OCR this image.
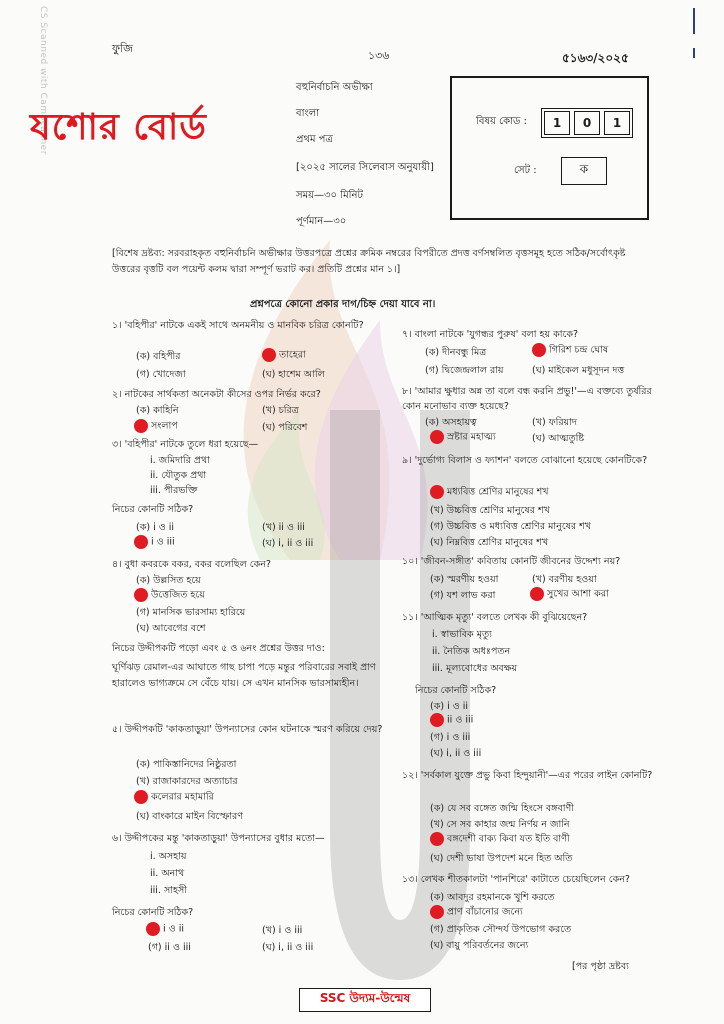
CS Scanned with CamScanner	ফুজি
১৩৬	৫১৬৩/২০২৫
যশোর বোর্ড
বহুনির্বাচনি অভীক্ষা
বাংলা
প্রথম পত্র
[২০২৫ সালের সিলেবাস অনুযায়ী]
সময়—৩০ মিনিট
পূর্ণমান—৩০
বিষয় কোড :	1	0	1
সেট :	ক
[বিশেষ দ্রষ্টব্য: সরবরাহকৃত বহুনির্বাচনি অভীক্ষার উত্তরপত্রে প্রশ্নের ক্রমিক নম্বরের বিপরীতে প্রদত্ত বর্ণসম্বলিত বৃত্তসমূহ হতে সঠিক/সর্বোৎকৃষ্ট উত্তরের বৃত্তটি বল পয়েন্ট কলম দ্বারা সম্পূর্ণ ভরাট কর। প্রতিটি প্রশ্নের মান ১।]
প্রশ্নপত্রে কোনো প্রকার দাগ/চিহ্ন দেয়া যাবে না।
১। 'বহিপীর' নাটকে একই সাথে অনমনীয় ও মানবিক চরিত্র কোনটি?
(ক) বহিপীর	তাহেরা
(গ) খোদেজা	(ঘ) হাশেম আলি
২। নাটকের সার্থকতা অনেকটা কীসের ওপর নির্ভর করে?
(ক) কাহিনি	(খ) চরিত্র
সংলাপ	(ঘ) পরিবেশ
৩। 'বহিপীর' নাটকে তুলে ধরা হয়েছে—
i. জমিদারি প্রথা
ii. যৌতুক প্রথা
iii. পীরভক্তি
নিচের কোনটি সঠিক?
(ক) i ও ii	(খ) ii ও iii
i ও iii	(ঘ) i, ii ও iii
৪। বুধা কবরকে বকর, বকর বলেছিল কেন?
(ক) উল্লসিত হয়ে
উত্তেজিত হয়ে
(গ) মানসিক ভারসাম্য হারিয়ে
(ঘ) আবেগের বশে
নিচের উদ্দীপকটি পড়ো এবং ৫ ও ৬নং প্রশ্নের উত্তর দাও:
ঘূর্ণিঝড় রেমাল-এর আঘাতে গাছ চাপা পড়ে মন্তুর পরিবারের সবাই প্রাণ হারালেও ভাগ্যক্রমে সে বেঁচে যায়। সে এখন মানসিক ভারসাম্যহীন।
৫। উদ্দীপকটি 'কাকতাড়ুয়া' উপন্যাসের কোন ঘটনাকে স্মরণ করিয়ে দেয়?
(ক) পাকিস্তানিদের নিষ্ঠুরতা
(খ) রাজাকারদের অত্যাচার
কলেরার মহামারি
(ঘ) বাংকারে মাইন বিস্ফোরণ
৬। উদ্দীপকের মন্তু 'কাকতাড়ুয়া' উপন্যাসের বুধার মতো—
i. অসহায়
ii. অনাথ
iii. সাহসী
নিচের কোনটি সঠিক?
i ও ii	(খ) i ও iii
(গ) ii ও iii	(ঘ) i, ii ও iii
৭। বাংলা নাটকে 'যুগন্ধর পুরুষ' বলা হয় কাকে?
(ক) দীনবন্ধু মিত্র	গিরিশ চন্দ্র ঘোষ
(গ) দ্বিজেন্দ্রলাল রায়	(ঘ) মাইকেল মধুসূদন দত্ত
৮। 'আমার ক্ষুধার অন্ন তা বলে বন্ধ করনি প্রভু!'—এ বক্তব্যে তুর্ষরির কোন মনোভাব ব্যক্ত হয়েছে?
(ক) অসহায়ত্ব	(খ) ফরিয়াদ
স্রষ্টার মহাত্ম্য	(ঘ) আত্মতুষ্টি
৯। 'দুর্ভোগ্য বিলাস ও ফ্যাশন' বলতে বোঝানো হয়েছে কোনটিকে?
মধ্যবিত্ত শ্রেণির মানুষের শখ
(খ) উচ্চবিত্ত শ্রেণির মানুষের শখ
(গ) উচ্চবিত্ত ও মধ্যবিত্ত শ্রেণির মানুষের শখ
(ঘ) নিম্নবিত্ত শ্রেণির মানুষের শখ
১০। 'জীবন-সঙ্গীত' কবিতায় কোনটি জীবনের উদ্দেশ্য নয়?
(ক) স্মরণীয় হওয়া	(খ) বরণীয় হওয়া
(গ) যশ লাভ করা	সুখের আশা করা
১১। 'আত্মিক মৃত্যু' বলতে লেখক কী বুঝিয়েছেন?
i. স্বাভাবিক মৃত্যু
ii. নৈতিক অধঃপতন
iii. মূল্যবোধের অবক্ষয়
নিচের কোনটি সঠিক?
(ক) i ও ii
ii ও iii
(গ) i ও iii
(ঘ) i, ii ও iii
১২। 'সর্বকাল যুক্তে প্রভু কিবা হিন্দুয়ানী'—এর পরের লাইন কোনটি?
(ক) যে সব বঙ্গেত জন্মি হিংসে বঙ্গবাণী
(খ) সে সব কাহার জন্ম নির্ণয় ন জানি
বঙ্গদেশী বাক্য কিবা যত ইতি বাণী
(ঘ) দেশী ভাষা উপদেশ মনে হিত অতি
১৩। লেখক শীতকালটা 'পানশিরে' কাটাতে চেয়েছিলেন কেন?
(ক) আবদুর রহমানকে খুশি করতে
প্রাণ বাঁচানোর জন্যে
(গ) প্রাকৃতিক সৌন্দর্য উপভোগ করতে
(ঘ) বায়ু পরিবর্তনের জন্যে
[পর পৃষ্ঠা দ্রষ্টব্য
SSC উদ্যম-উন্মেষ
